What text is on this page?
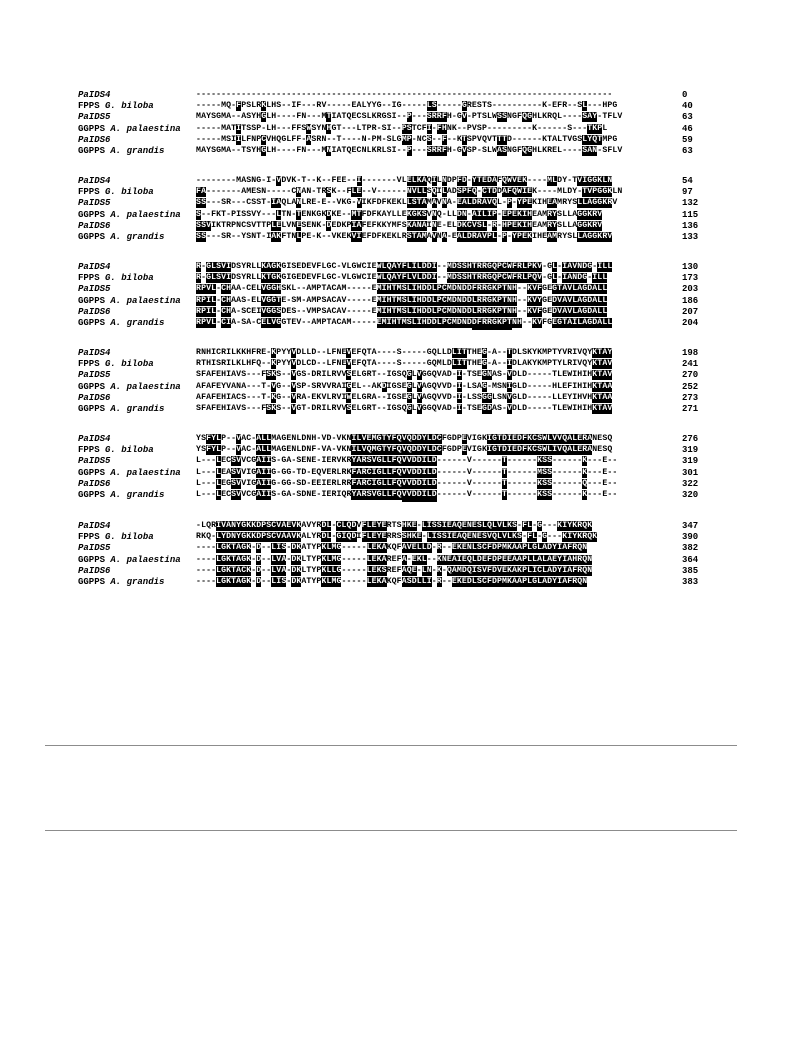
PaIDS4	-----------------------------------------------------------------------------------	0
FPPS G. biloba	-----MQ-FPSLRKLHS--IF---RV-----EALYYG--IG-----LS-----GRESTS----------K-EFR--SL---HPG	40
PaIDS5	MAYSGMA--ASYHGLH----FN---MTIATQECSLKRGSI--P---SRRFH-GV-PTSLWSSNGFQGHLKRQL----SAY-TFLV	63
GGPPS A. palaestina -----MATITSSP-LH---FFSWSYNHGT---LTPR-SI--PSTCFI-FHNK--PVSP---------K------S---TKPL	46
PaIDS6	-----MSIILFNPCVHQGLFF-ASRN--T----N-PM-SLGMP-NCS--F--KTSPVQVTTTD------KTALTVGSLYQTMPG	59
GGPPS A. grandis	MAYSGMA--TSYHGLH----FN---MNIATQECNLKRLSI--P---SRRFH-GVSP-SLWASNGFQGHLKREL----SAN-SFLV	63
PaIDS4	--------MASNG-I-VDVK-T--K--FEE--I-------VLELKAQILNDPFD-YTEDAFQWVEK----MLDY-TVIGGKLN	54
FPPS G. biloba	FA-------AMESN-----CNAN-TRSK--FLE--V------NVLLSQILADSPFQ-CTDDAFQWIEK----MLDY-TVPGGKLN	97
PaIDS5	SS---SR---CSST-IAQLANLRE-E--VKG-VIKFDFKEKLLSTAMAVNA-EALDRAVQL-P-YPEKIHEAMRYSLLAGGKRV	132
GGPPS A. palaestina S--FKT-PISSVY---LTN-TENKGKDKE--MTFDFKAYLLEKGKSVNQ-LLDN-AILIP-EPEKIHEAMRYSLLAGGKRV	115
PaIDS6	SSVIKTRPNCSVTTPLELVNESENK-DEDKPIAFEFKKYMFSKANAINE-ELDKCVSL-R-HPEKIHEAMRYSLLAGGKRV	136
GGPPS A. grandis	SS---SR--YSNT-IAKFTNLPE-K--VKEKVIEFDFKEKLRSTAMAVNA-EALDRAVPL-P-YPEKIHEAMRYSLLAGGKRV	133
PaIDS4	R-GLSVIDSYRLLKAGKGISEDEVFLGC-VLGWCIEWLQAYFLILDDI--MDSSHTRRGQPCWFRLPKV-GL-IAVNDG-ILL	130
FPPS G. biloba	R-GLSVIDSYRLLKTGKGIGEDEVFLGC-VLGWCIEWLQAYFLVLDDI--MDSSHTRRGQPCWFRLPQV-GL-IANDG-ILL	173
PaIDS5	RPVL-CHAA-CELVGGHSKL--AMPTACAM-----EMIHTMSLIHDDLPCMDNDDFRRGKPTNH--KVFGEGTAVLAGDALL	203
GGPPS A. palaestina RPIL-CHAAS-ELVGGTE-SM-AMPSACAV-----EMIHTMSLIHDDLPCMDNDDLRRGKPTNH--KVYGEDVAVLAGDALL	186
PaIDS6	RPIL-CHA-SCEIVGGSDES--VMPSACAV-----EMIHTMSLIHDDLPCMDNDDLRRGKPTNH--KVFGEDVAVLAGDALL	207
GGPPS A. grandis	RPVL-CIA-SA-CELVGGTEV--AMPTACAM-----EMIHTMSLIHDDLPCMDNDDFRRGKPTNH--KVFGEGTAILAGDALL	204
PaIDS4	RNHICRILKKHFRE-KPYYVDLLD--LFNEVEFQTA----S-----GQLLDLITTHEG-A--TDLSKYKMPTYVRIVQYKTAY	198
FPPS G. biloba	RTHISRILKLHFQ--KPYYVDLCD--LFNEVEFQTA----S-----GQMLDLITTHEG-A--IDLAKYKMPTYLRIVQYKTAV	241
PaIDS5	SFAFEHIAVS---FSKS--VGS-DRILRVVSELGRT--IGSQGLVGGQVAD-I-TSEGNAS-VDLD-----TLEWIHIHKTAV	270
GGPPS A. palaestina AFAFEYVANA---T-VG--VSP-SRVVRAIGEL--AKDIGSEGLVAGQVVD-I-LSAG-MSNIGLD-----HLEFIHIHKTAA	252
PaIDS6	AFAFEHIACS---T-KG--VRA-EKVLRVIWELGRA--IGSEGLVAGQVVD-I-LSSGGLSNVGLD-----LLEYIHVHKTAA	273
GGPPS A. grandis	SFAFEHIAVS---FSKS--VGT-DRILRVVSELGRT--IGSQGLVGGQVAD-I-TSEGDAS-VDLD-----TLEWIHIHKTAV	271
PaIDS4	YSFYLP--VAC-ALLMAGENLDNH-VD-VKNILVEMGTYFQVQDDYLDCFGDPEVIGKIGTDIEDFKCSWLVVQALERANESQ	276
FPPS G. biloba	YSFYLP--VAC-ALLMAGENLDNF-VA-VKNILVQMGTYFQVQDDYLDCFGDPEVIGKIGTDIEDFKCSWLIVQALERANESQ	319
PaIDS5	L---LECSVVCGAIIS-GA-SENE-IERVKRYARSVGLLFQVVDDILD------V------T------KSS------K---E--	319
GGPPS A. palaestina L---LEASVVIGAIIG-GG-TD-EQVERLRKFARCIGLLFQVVDDILD------V------T------MSS------K---E--	301
PaIDS6	L---LEGSVVIGAIIG-GG-SD-EEIERLRRFARCIGLLFQVVDDILD------V------T------KSS------Q---E--	322
GGPPS A. grandis	L---LECSVVCGAIIS-GA-SDNE-IERIQRYARSVGLLFQVVDDILD------V------T------KSS------K---E--	320
PaIDS4	-LQRIVANYGKKDPSCVAEVKAVYRDL-CLQDVFLEYERTSHKE-LISSIEAQENESLQLVLKS-FL-G---KIYKRQK	347
FPPS G. biloba	RKQ-LYDNYGKKDPSCVAAVKALYRDL-GIQDIFLEYERRSSHKE-LISSIEAQENESVQLVLKS-FL-G---KIYKRQK	390
PaIDS5	----LGKTAGK-D--LIS-DKATYPKLMG-----LEKAKQFAVELLD-R--EKENLSCFDPMKAAPLGLADYIAFRQN	382
GGPPS A. palaestina ----LGKTAGK-D--LVA-DKLTYPKLMG-----LEKAREFA-EKL--KNEAIEQLDEFDPEEAAPLLALAEYIAHRQN	364
PaIDS6	----LGKTACK-D--LVA-DKLTYPKLLG-----LEKSREFAQE-LN-K-QAMDQISVFDVEKAKPLICLADYIAFRQN	385
GGPPS A. grandis	----LGKTAGK-D--LIS-DKATYPKLMG-----LEKAKQFASDLLI-R--EKEDLSCFDPMKAAPLGLADYIAFRQN	383
